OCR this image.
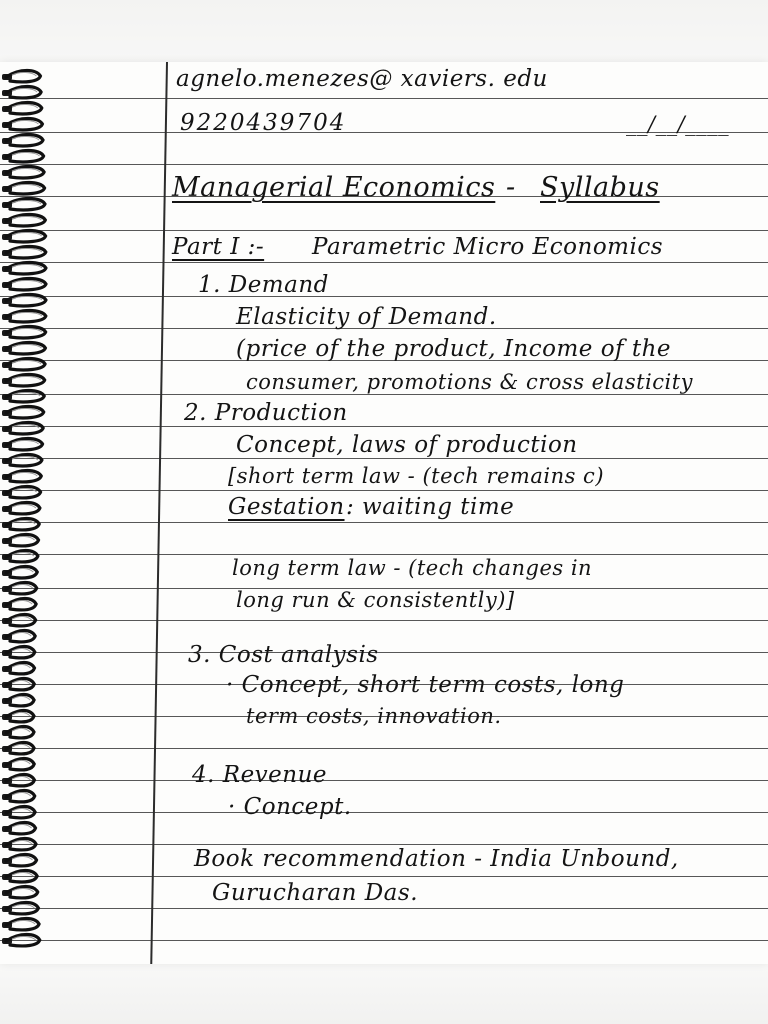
agnelo.menezes@ xaviers. edu
9220439704	__/__/____
Managerial Economics - Syllabus
Part I :- Parametric Micro Economics
1. Demand
Elasticity of Demand.
(price of the product, Income of the
consumer, promotions & cross elasticity
2. Production
Concept, laws of production
[short term law - (tech remains c)
Gestation : waiting time
long term law - (tech changes in
long run & consistently)]
3. Cost analysis
· Concept, short term costs, long
term costs, innovation.
4. Revenue
· Concept.
Book recommendation - India Unbound,
Gurucharan Das.
